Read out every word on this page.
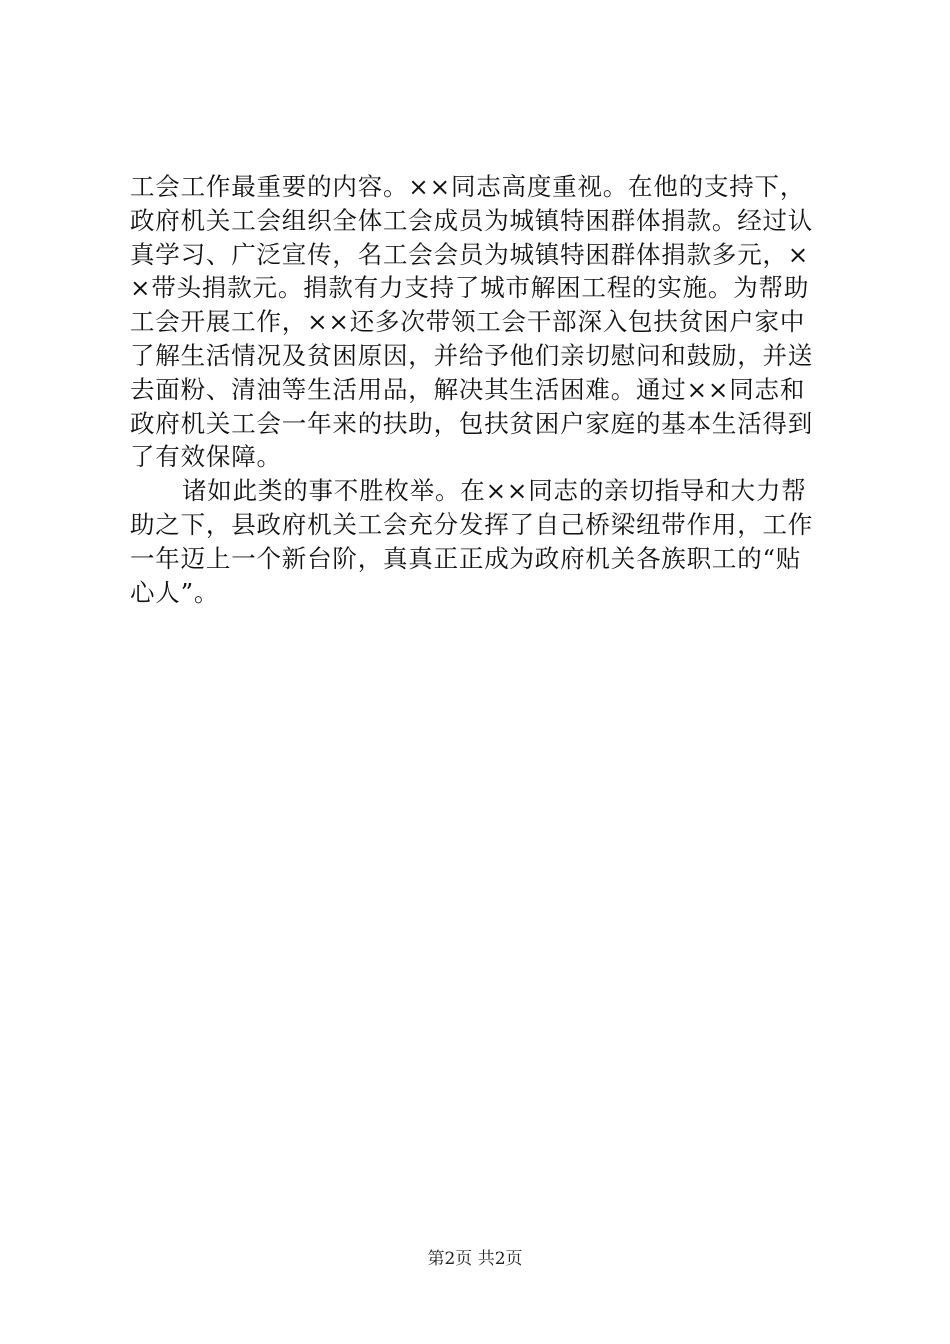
工会工作最重要的内容。××同志高度重视。在他的支持下，
政府机关工会组织全体工会成员为城镇特困群体捐款。经过认
真学习、广泛宣传，名工会会员为城镇特困群体捐款多元，×
×带头捐款元。捐款有力支持了城市解困工程的实施。为帮助
工会开展工作，××还多次带领工会干部深入包扶贫困户家中
了解生活情况及贫困原因，并给予他们亲切慰问和鼓励，并送
去面粉、清油等生活用品，解决其生活困难。通过××同志和
政府机关工会一年来的扶助，包扶贫困户家庭的基本生活得到
了有效保障。
诸如此类的事不胜枚举。在××同志的亲切指导和大力帮
助之下，县政府机关工会充分发挥了自己桥梁纽带作用，工作
一年迈上一个新台阶，真真正正成为政府机关各族职工的“贴
心人”。
第2页 共2页
